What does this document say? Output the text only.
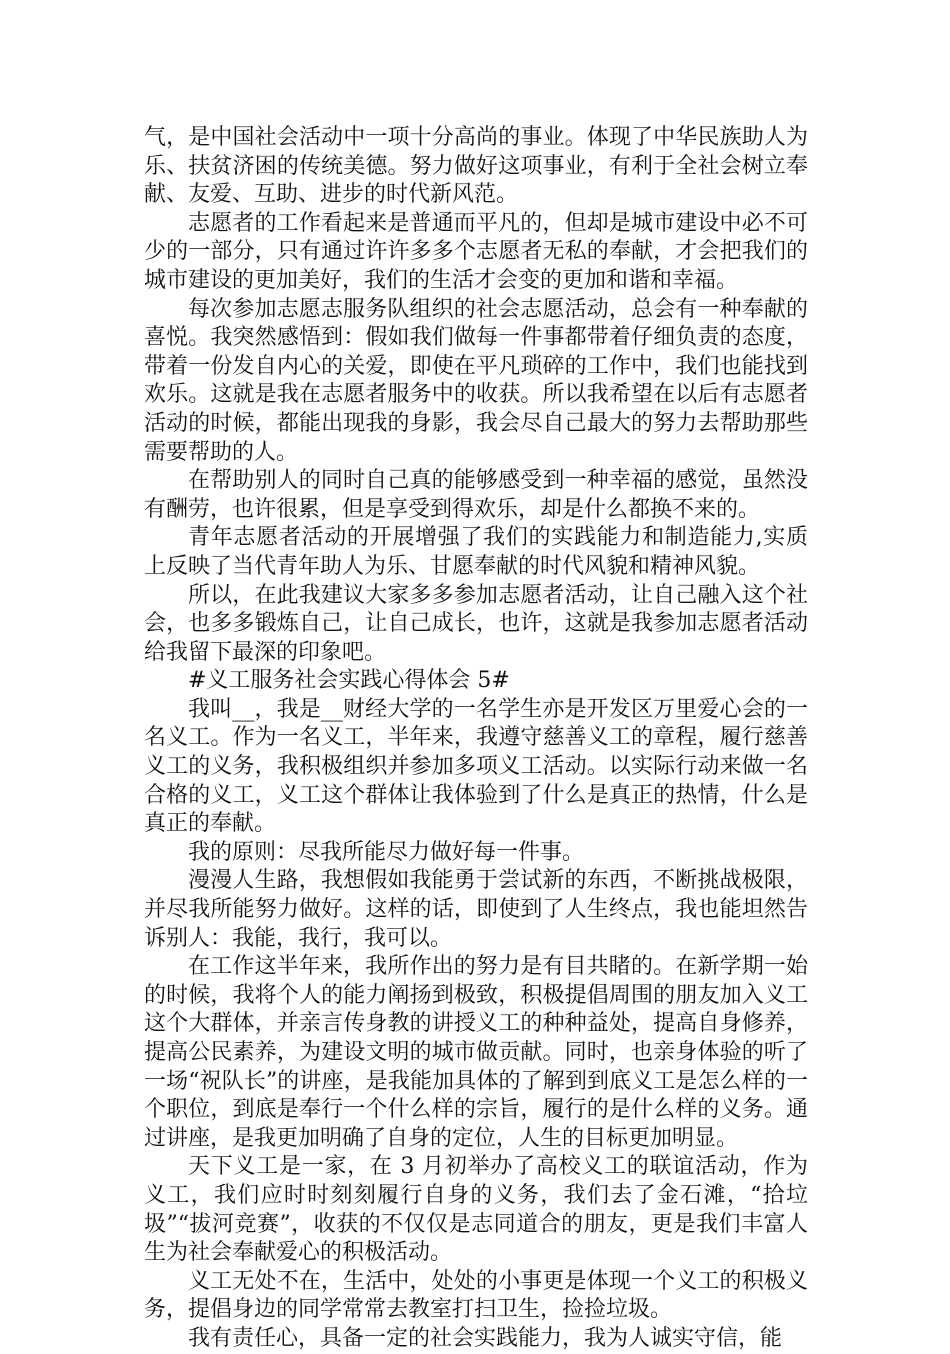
气，是中国社会活动中一项十分高尚的事业。体现了中华民族助人为乐、扶贫济困的传统美德。努力做好这项事业，有利于全社会树立奉献、友爱、互助、进步的时代新风范。

志愿者的工作看起来是普通而平凡的，但却是城市建设中必不可少的一部分，只有通过许许多多个志愿者无私的奉献，才会把我们的城市建设的更加美好，我们的生活才会变的更加和谐和幸福。

每次参加志愿志服务队组织的社会志愿活动，总会有一种奉献的喜悦。我突然感悟到：假如我们做每一件事都带着仔细负责的态度，带着一份发自内心的关爱，即使在平凡琐碎的工作中，我们也能找到欢乐。这就是我在志愿者服务中的收获。所以我希望在以后有志愿者活动的时候，都能出现我的身影，我会尽自己最大的努力去帮助那些需要帮助的人。

在帮助别人的同时自己真的能够感受到一种幸福的感觉，虽然没有酬劳，也许很累，但是享受到得欢乐，却是什么都换不来的。

青年志愿者活动的开展增强了我们的实践能力和制造能力,实质上反映了当代青年助人为乐、甘愿奉献的时代风貌和精神风貌。

所以，在此我建议大家多多参加志愿者活动，让自己融入这个社会，也多多锻炼自己，让自己成长，也许，这就是我参加志愿者活动给我留下最深的印象吧。

#义工服务社会实践心得体会 5#

我叫__，我是__财经大学的一名学生亦是开发区万里爱心会的一名义工。作为一名义工，半年来，我遵守慈善义工的章程，履行慈善义工的义务，我积极组织并参加多项义工活动。以实际行动来做一名合格的义工，义工这个群体让我体验到了什么是真正的热情，什么是真正的奉献。

我的原则：尽我所能尽力做好每一件事。

漫漫人生路，我想假如我能勇于尝试新的东西，不断挑战极限，并尽我所能努力做好。这样的话，即使到了人生终点，我也能坦然告诉别人：我能，我行，我可以。

在工作这半年来，我所作出的努力是有目共睹的。在新学期一始的时候，我将个人的能力阐扬到极致，积极提倡周围的朋友加入义工这个大群体，并亲言传身教的讲授义工的种种益处，提高自身修养，提高公民素养，为建设文明的城市做贡献。同时，也亲身体验的听了一场“祝队长”的讲座，是我能加具体的了解到到底义工是怎么样的一个职位，到底是奉行一个什么样的宗旨，履行的是什么样的义务。通过讲座，是我更加明确了自身的定位，人生的目标更加明显。

天下义工是一家，在 3 月初举办了高校义工的联谊活动，作为义工，我们应时时刻刻履行自身的义务，我们去了金石滩，“拾垃圾”“拔河竞赛”，收获的不仅仅是志同道合的朋友，更是我们丰富人生为社会奉献爱心的积极活动。

义工无处不在，生活中，处处的小事更是体现一个义工的积极义务，提倡身边的同学常常去教室打扫卫生，捡捡垃圾。

我有责任心，具备一定的社会实践能力，我为人诚实守信，能
